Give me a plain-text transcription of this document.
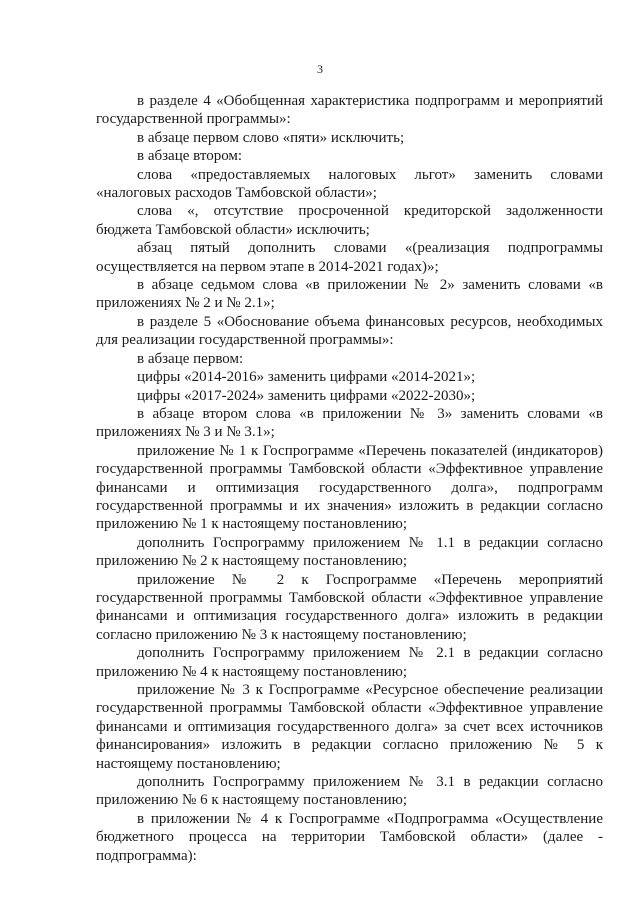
3

в разделе 4 «Обобщенная характеристика подпрограмм и мероприятий государственной программы»:

в абзаце первом слово «пяти» исключить;

в абзаце втором:

слова «предоставляемых налоговых льгот» заменить словами «налоговых расходов Тамбовской области»;

слова «, отсутствие просроченной кредиторской задолженности бюджета Тамбовской области» исключить;

абзац пятый дополнить словами «(реализация подпрограммы осуществляется на первом этапе в 2014-2021 годах)»;

в абзаце седьмом слова «в приложении № 2» заменить словами «в приложениях № 2 и № 2.1»;

в разделе 5 «Обоснование объема финансовых ресурсов, необходимых для реализации государственной программы»:

в абзаце первом:

цифры «2014-2016» заменить цифрами «2014-2021»;

цифры «2017-2024» заменить цифрами «2022-2030»;

в абзаце втором слова «в приложении № 3» заменить словами «в приложениях № 3 и № 3.1»;

приложение № 1 к Госпрограмме «Перечень показателей (индикаторов) государственной программы Тамбовской области «Эффективное управление финансами и оптимизация государственного долга», подпрограмм государственной программы и их значения» изложить в редакции согласно приложению № 1 к настоящему постановлению;

дополнить Госпрограмму приложением № 1.1 в редакции согласно приложению № 2 к настоящему постановлению;

приложение № 2 к Госпрограмме «Перечень мероприятий государственной программы Тамбовской области «Эффективное управление финансами и оптимизация государственного долга» изложить в редакции согласно приложению № 3 к настоящему постановлению;

дополнить Госпрограмму приложением № 2.1 в редакции согласно приложению № 4 к настоящему постановлению;

приложение № 3 к Госпрограмме «Ресурсное обеспечение реализации государственной программы Тамбовской области «Эффективное управление финансами и оптимизация государственного долга» за счет всех источников финансирования» изложить в редакции согласно приложению № 5 к настоящему постановлению;

дополнить Госпрограмму приложением № 3.1 в редакции согласно приложению № 6 к настоящему постановлению;

в приложении № 4 к Госпрограмме «Подпрограмма «Осуществление бюджетного процесса на территории Тамбовской области» (далее - подпрограмма):
